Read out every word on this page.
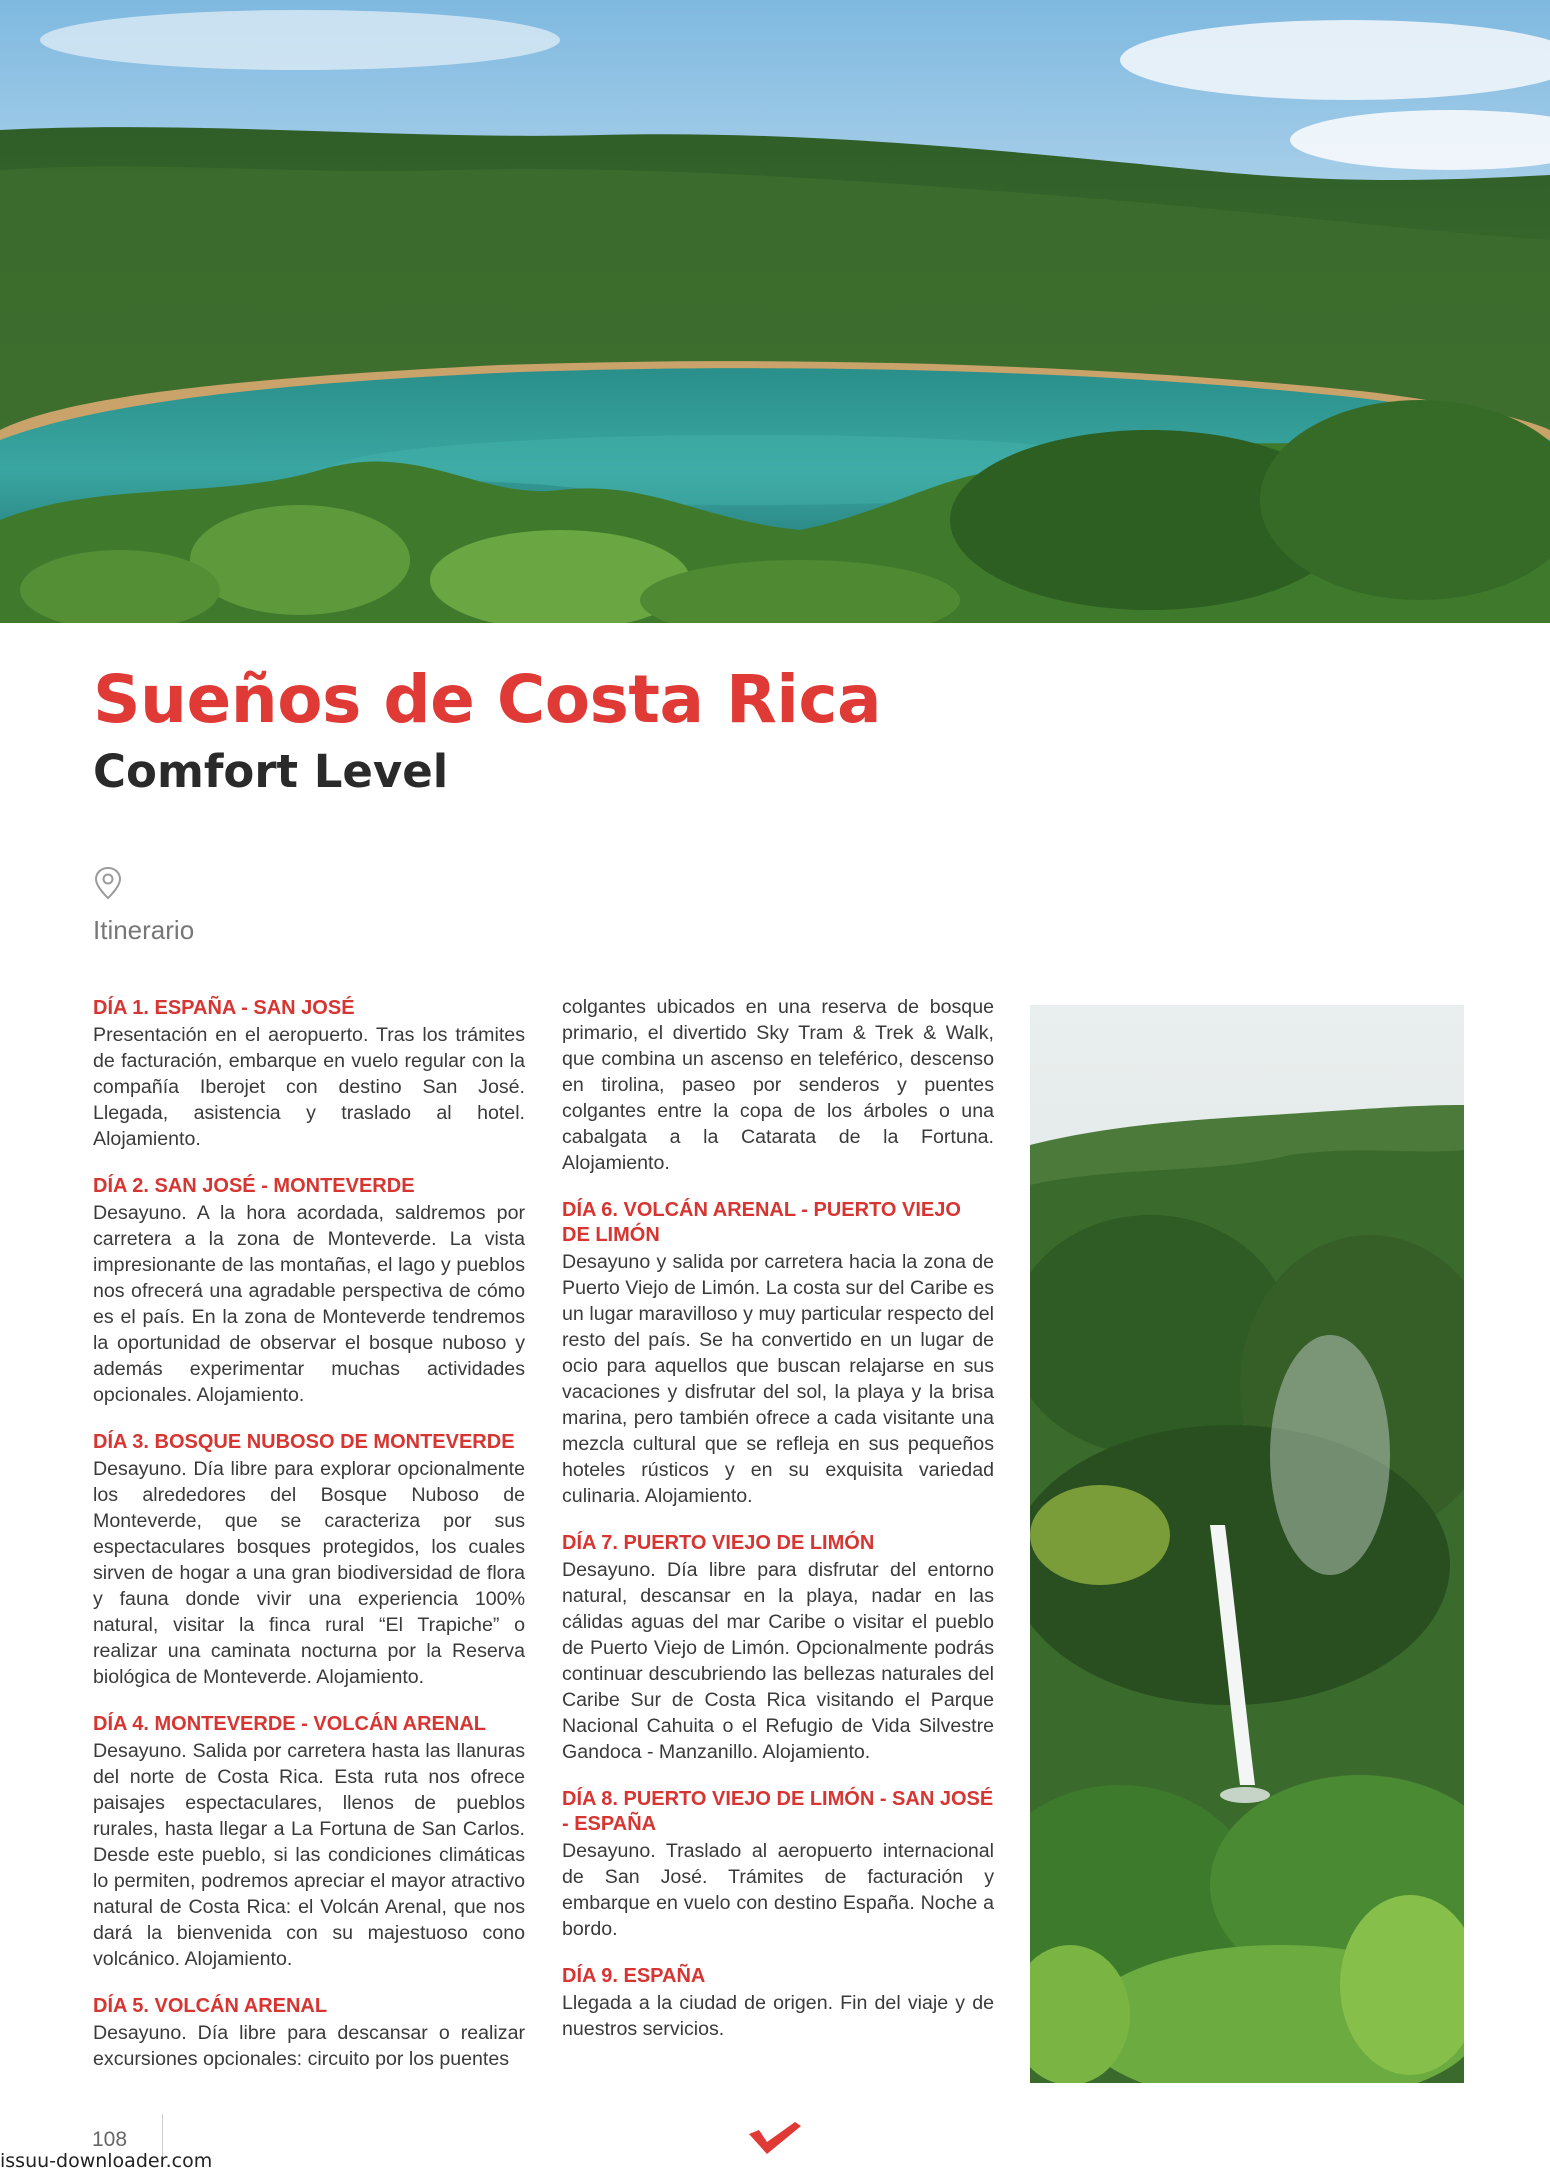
Sueños de Costa Rica
Comfort Level
Itinerario

DÍA 1. ESPAÑA - SAN JOSÉ

Presentación en el aeropuerto. Tras los trámites de facturación, embarque en vuelo regular con la compañía Iberojet con destino San José. Llegada, asistencia y traslado al hotel. Alojamiento.

DÍA 2. SAN JOSÉ - MONTEVERDE

Desayuno. A la hora acordada, saldremos por carretera a la zona de Monteverde. La vista impresionante de las montañas, el lago y pueblos nos ofrecerá una agradable perspectiva de cómo es el país. En la zona de Monteverde tendremos la oportunidad de observar el bosque nuboso y además experimentar muchas actividades opcionales. Alojamiento.

DÍA 3. BOSQUE NUBOSO DE MONTEVERDE

Desayuno. Día libre para explorar opcionalmente los alrededores del Bosque Nuboso de Monteverde, que se caracteriza por sus espectaculares bosques protegidos, los cuales sirven de hogar a una gran biodiversidad de flora y fauna donde vivir una experiencia 100% natural, visitar la finca rural “El Trapiche” o realizar una caminata nocturna por la Reserva biológica de Monteverde. Alojamiento.

DÍA 4. MONTEVERDE - VOLCÁN ARENAL

Desayuno. Salida por carretera hasta las llanuras del norte de Costa Rica. Esta ruta nos ofrece paisajes espectaculares, llenos de pueblos rurales, hasta llegar a La Fortuna de San Carlos. Desde este pueblo, si las condiciones climáticas lo permiten, podremos apreciar el mayor atractivo natural de Costa Rica: el Volcán Arenal, que nos dará la bienvenida con su majestuoso cono volcánico. Alojamiento.

DÍA 5. VOLCÁN ARENAL

Desayuno. Día libre para descansar o realizar excursiones opcionales: circuito por los puentes

colgantes ubicados en una reserva de bosque primario, el divertido Sky Tram & Trek & Walk, que combina un ascenso en teleférico, descenso en tirolina, paseo por senderos y puentes colgantes entre la copa de los árboles o una cabalgata a la Catarata de la Fortuna. Alojamiento.

DÍA 6. VOLCÁN ARENAL - PUERTO VIEJO DE LIMÓN

Desayuno y salida por carretera hacia la zona de Puerto Viejo de Limón. La costa sur del Caribe es un lugar maravilloso y muy particular respecto del resto del país. Se ha convertido en un lugar de ocio para aquellos que buscan relajarse en sus vacaciones y disfrutar del sol, la playa y la brisa marina, pero también ofrece a cada visitante una mezcla cultural que se refleja en sus pequeños hoteles rústicos y en su exquisita variedad culinaria. Alojamiento.

DÍA 7. PUERTO VIEJO DE LIMÓN

Desayuno. Día libre para disfrutar del entorno natural, descansar en la playa, nadar en las cálidas aguas del mar Caribe o visitar el pueblo de Puerto Viejo de Limón. Opcionalmente podrás continuar descubriendo las bellezas naturales del Caribe Sur de Costa Rica visitando el Parque Nacional Cahuita o el Refugio de Vida Silvestre Gandoca - Manzanillo. Alojamiento.

DÍA 8. PUERTO VIEJO DE LIMÓN - SAN JOSÉ - ESPAÑA

Desayuno. Traslado al aeropuerto internacional de San José. Trámites de facturación y embarque en vuelo con destino España. Noche a bordo.

DÍA 9. ESPAÑA

Llegada a la ciudad de origen. Fin del viaje y de nuestros servicios.

108
issuu-downloader.com
